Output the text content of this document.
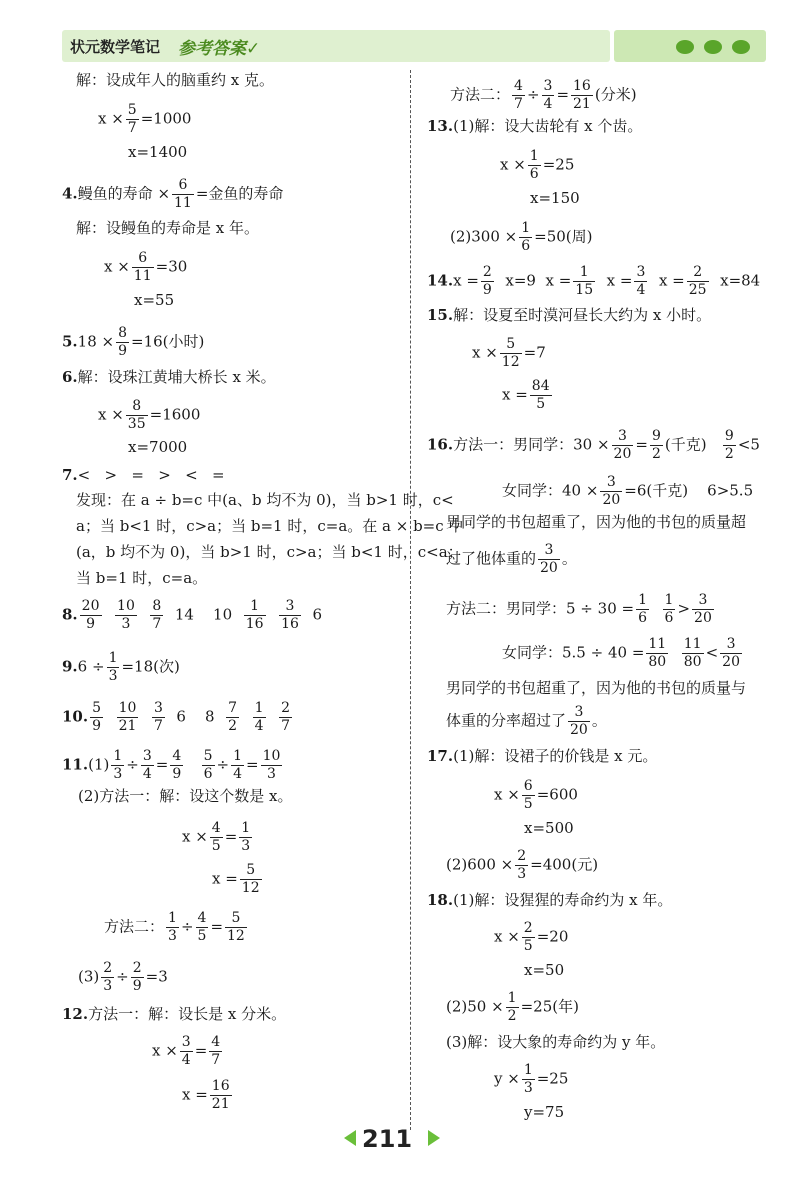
状元数学笔记 参考答案✓
解：设成年人的脑重约 x 克。
$x \times \frac{5}{7} =1000$
x=1400
4.鳗鱼的寿命 × $\frac{6}{11}$ =金鱼的寿命
解：设鳗鱼的寿命是 x 年。
$x \times \frac{6}{11} =30$
x=55
$5.18 \times \frac{8}{9} =16$(小时)
6.解：设珠江黄埔大桥长 x 米。
$x \times \frac{8}{35} =1600$
x=7000
7.<   >   =   >   <   =
发现：在 a ÷ b=c 中(a、b 均不为 0)，当 b>1 时，c<
a；当 b<1 时，c>a；当 b=1 时，c=a。在 a × b=c 中
(a，b 均不为 0)，当 b>1 时，c>a；当 b<1 时，c<a；
当 b=1 时，c=a。
8. $\frac{20}{9}$
$\frac{10}{3}$
$\frac{8}{7} 14$    $10 \frac{1}{16}$
$\frac{3}{16} 6$
$9.6 \div \frac{1}{3} =18$(次)
10. $\frac{5}{9}$
$\frac{10}{21}$
$\frac{3}{7} 6$    $8 \frac{7}{2}$
$\frac{1}{4}$
$\frac{2}{7}$
$11.(1) \frac{1}{3} \div \frac{3}{4} = \frac{4}{9}$
$\frac{5}{6} \div \frac{1}{4} = \frac{10}{3}$
(2)方法一：解：设这个数是 x。
$x \times \frac{4}{5} = \frac{1}{3}$
$x = \frac{5}{12}$
方法二： $\frac{1}{3} \div \frac{4}{5} = \frac{5}{12}$
$(3) \frac{2}{3} \div \frac{2}{9} =3$
12.方法一：解：设长是 x 分米。
$x \times \frac{3}{4} = \frac{4}{7}$
$x = \frac{16}{21}$
方法二： $\frac{4}{7} \div \frac{3}{4} = \frac{16}{21}$ (分米)
13.(1)解：设大齿轮有 x 个齿。
$x \times \frac{1}{6} =25$
x=150
$(2)300 \times \frac{1}{6} =50$(周)
$14.x = \frac{2}{9} x=9$ $x = \frac{1}{15}$ $x = \frac{3}{4}$ $x = \frac{2}{25} x=84$
15.解：设夏至时漠河昼长大约为 x 小时。
$x \times \frac{5}{12} =7$
$x = \frac{84}{5}$
16.方法一：男同学：$30 \times \frac{3}{20} = \frac{9}{2}$ (千克) $\frac{9}{2} <5$
女同学：$40 \times \frac{3}{20} =6$(千克)    6>5.5
男同学的书包超重了，因为他的书包的质量超
过了他体重的 $\frac{3}{20}$ 。
方法二：男同学：$5 \div 30 = \frac{1}{6}$
$\frac{1}{6} > \frac{3}{20}$
女同学：$5.5 \div 40 = \frac{11}{80}$
$\frac{11}{80} < \frac{3}{20}$
男同学的书包超重了，因为他的书包的质量与
体重的分率超过了 $\frac{3}{20}$ 。
17.(1)解：设裙子的价钱是 x 元。
$x \times \frac{6}{5} =600$
x=500
$(2)600 \times \frac{2}{3} =400$(元)
18.(1)解：设猩猩的寿命约为 x 年。
$x \times \frac{2}{5} =20$
x=50
$(2)50 \times \frac{1}{2} =25$(年)
(3)解：设大象的寿命约为 y 年。
$y \times \frac{1}{3} =25$
y=75
211
